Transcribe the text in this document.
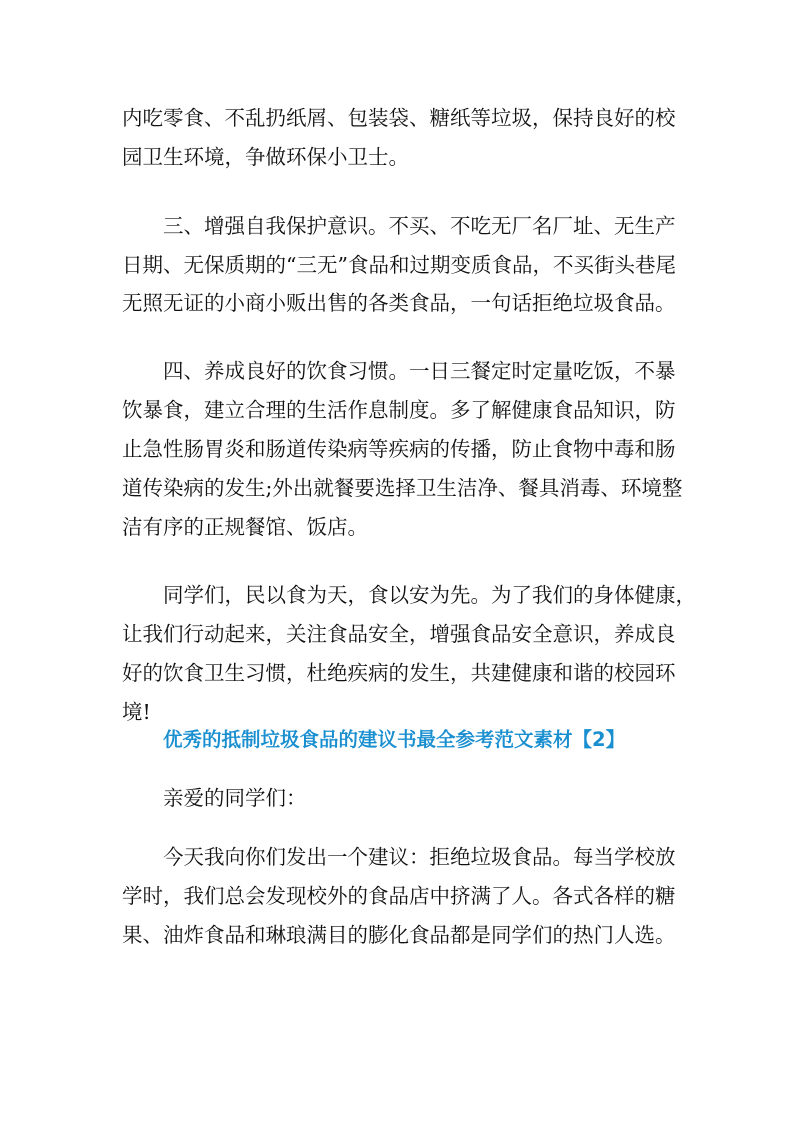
内吃零食、不乱扔纸屑、包装袋、糖纸等垃圾，保持良好的校
园卫生环境，争做环保小卫士。
三、增强自我保护意识。不买、不吃无厂名厂址、无生产
日期、无保质期的“三无”食品和过期变质食品，不买街头巷尾
无照无证的小商小贩出售的各类食品，一句话拒绝垃圾食品。
四、养成良好的饮食习惯。一日三餐定时定量吃饭，不暴
饮暴食，建立合理的生活作息制度。多了解健康食品知识，防
止急性肠胃炎和肠道传染病等疾病的传播，防止食物中毒和肠
道传染病的发生;外出就餐要选择卫生洁净、餐具消毒、环境整
洁有序的正规餐馆、饭店。
同学们，民以食为天，食以安为先。为了我们的身体健康，
让我们行动起来，关注食品安全，增强食品安全意识，养成良
好的饮食卫生习惯，杜绝疾病的发生，共建健康和谐的校园环
境!
优秀的抵制垃圾食品的建议书最全参考范文素材【2】
亲爱的同学们：
今天我向你们发出一个建议：拒绝垃圾食品。每当学校放
学时，我们总会发现校外的食品店中挤满了人。各式各样的糖
果、油炸食品和琳琅满目的膨化食品都是同学们的热门人选。
